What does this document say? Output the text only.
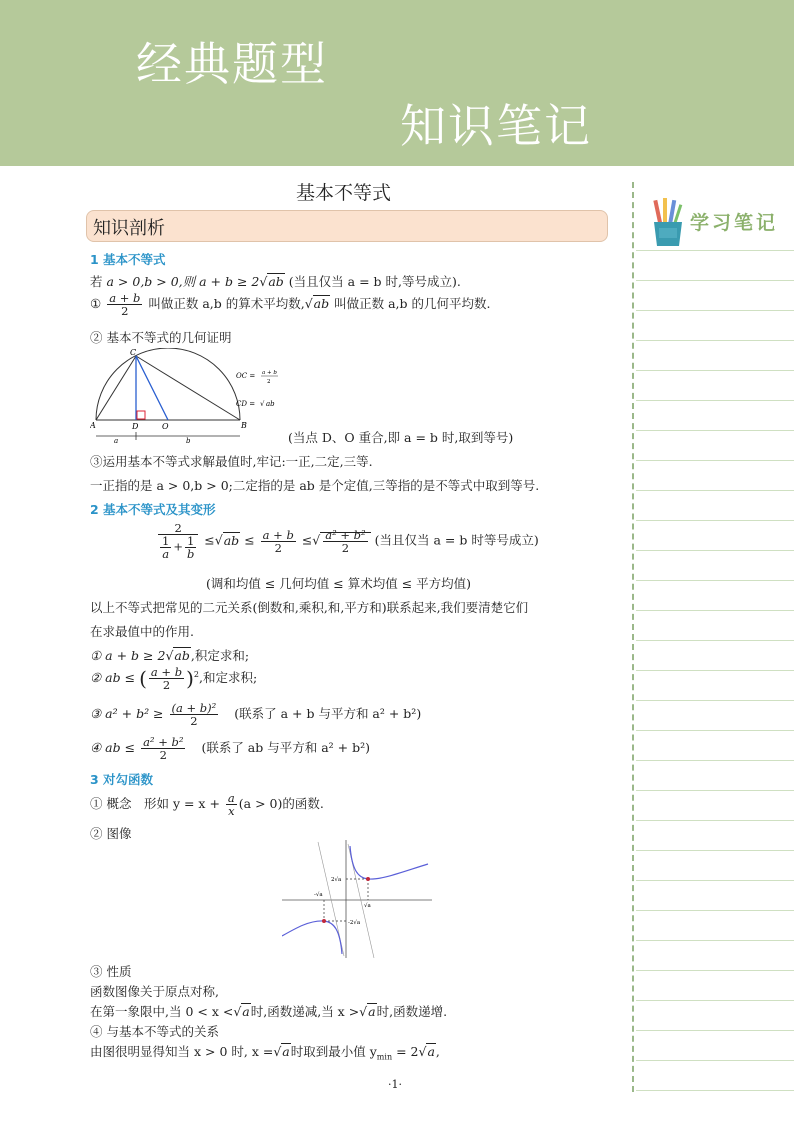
经典题型
知识笔记
学习笔记
基本不等式
知识剖析
1 基本不等式
若 a > 0,b > 0,则 a + b ≥ 2√ab (当且仅当 a = b 时,等号成立).
① $\frac{a + b}{2}$ 叫做正数 a,b 的算术平均数,√ab 叫做正数 a,b 的几何平均数.
② 基本不等式的几何证明
C
A	D	O	B
a	b
OC = a + b
2
CD = √ ab
(当点 D、O 重合,即 a = b 时,取到等号)
③运用基本不等式求解最值时,牢记:一正,二定,三等.
一正指的是 a > 0,b > 0;二定指的是 ab 是个定值,三等指的是不等式中取到等号.
2 基本不等式及其变形
$\frac{2}{\frac{1}{a} + \frac{1}{b}} \le√ab \le \frac{a + b}{2}$ ≤√ $\frac{\text{a² + b²}}{2}$ (当且仅当 a = b 时等号成立)
(调和均值 ≤ 几何均值 ≤ 算术均值 ≤ 平方均值)
以上不等式把常见的二元关系(倒数和,乘积,和,平方和)联系起来,我们要清楚它们
在求最值中的作用.
① a + b ≥ 2√ab,积定求和;
② ab ≤ ( $\frac{a + b}{2} )^2$,和定求积;
③ $a^2 + b^2 \ge \frac{\text{(a + b)²}}{2}$ (联系了 a + b 与平方和 a² + b²)
④ ab ≤ $\frac{\text{a² + b²}}{2}$ (联系了 ab 与平方和 a² + b²)
3 对勾函数
① 概念　形如 $y = x + \frac{a}{x} (a > 0)$的函数.
② 图像
2√a
√a
-√a
-2√a
③ 性质
函数图像关于原点对称,
在第一象限中,当 0 < x <√a时,函数递减,当 x >√a时,函数递增.
④ 与基本不等式的关系
由图很明显得知当 x > 0 时, x =√a时取到最小值 $y_{min} = 2√a$,
·1·
